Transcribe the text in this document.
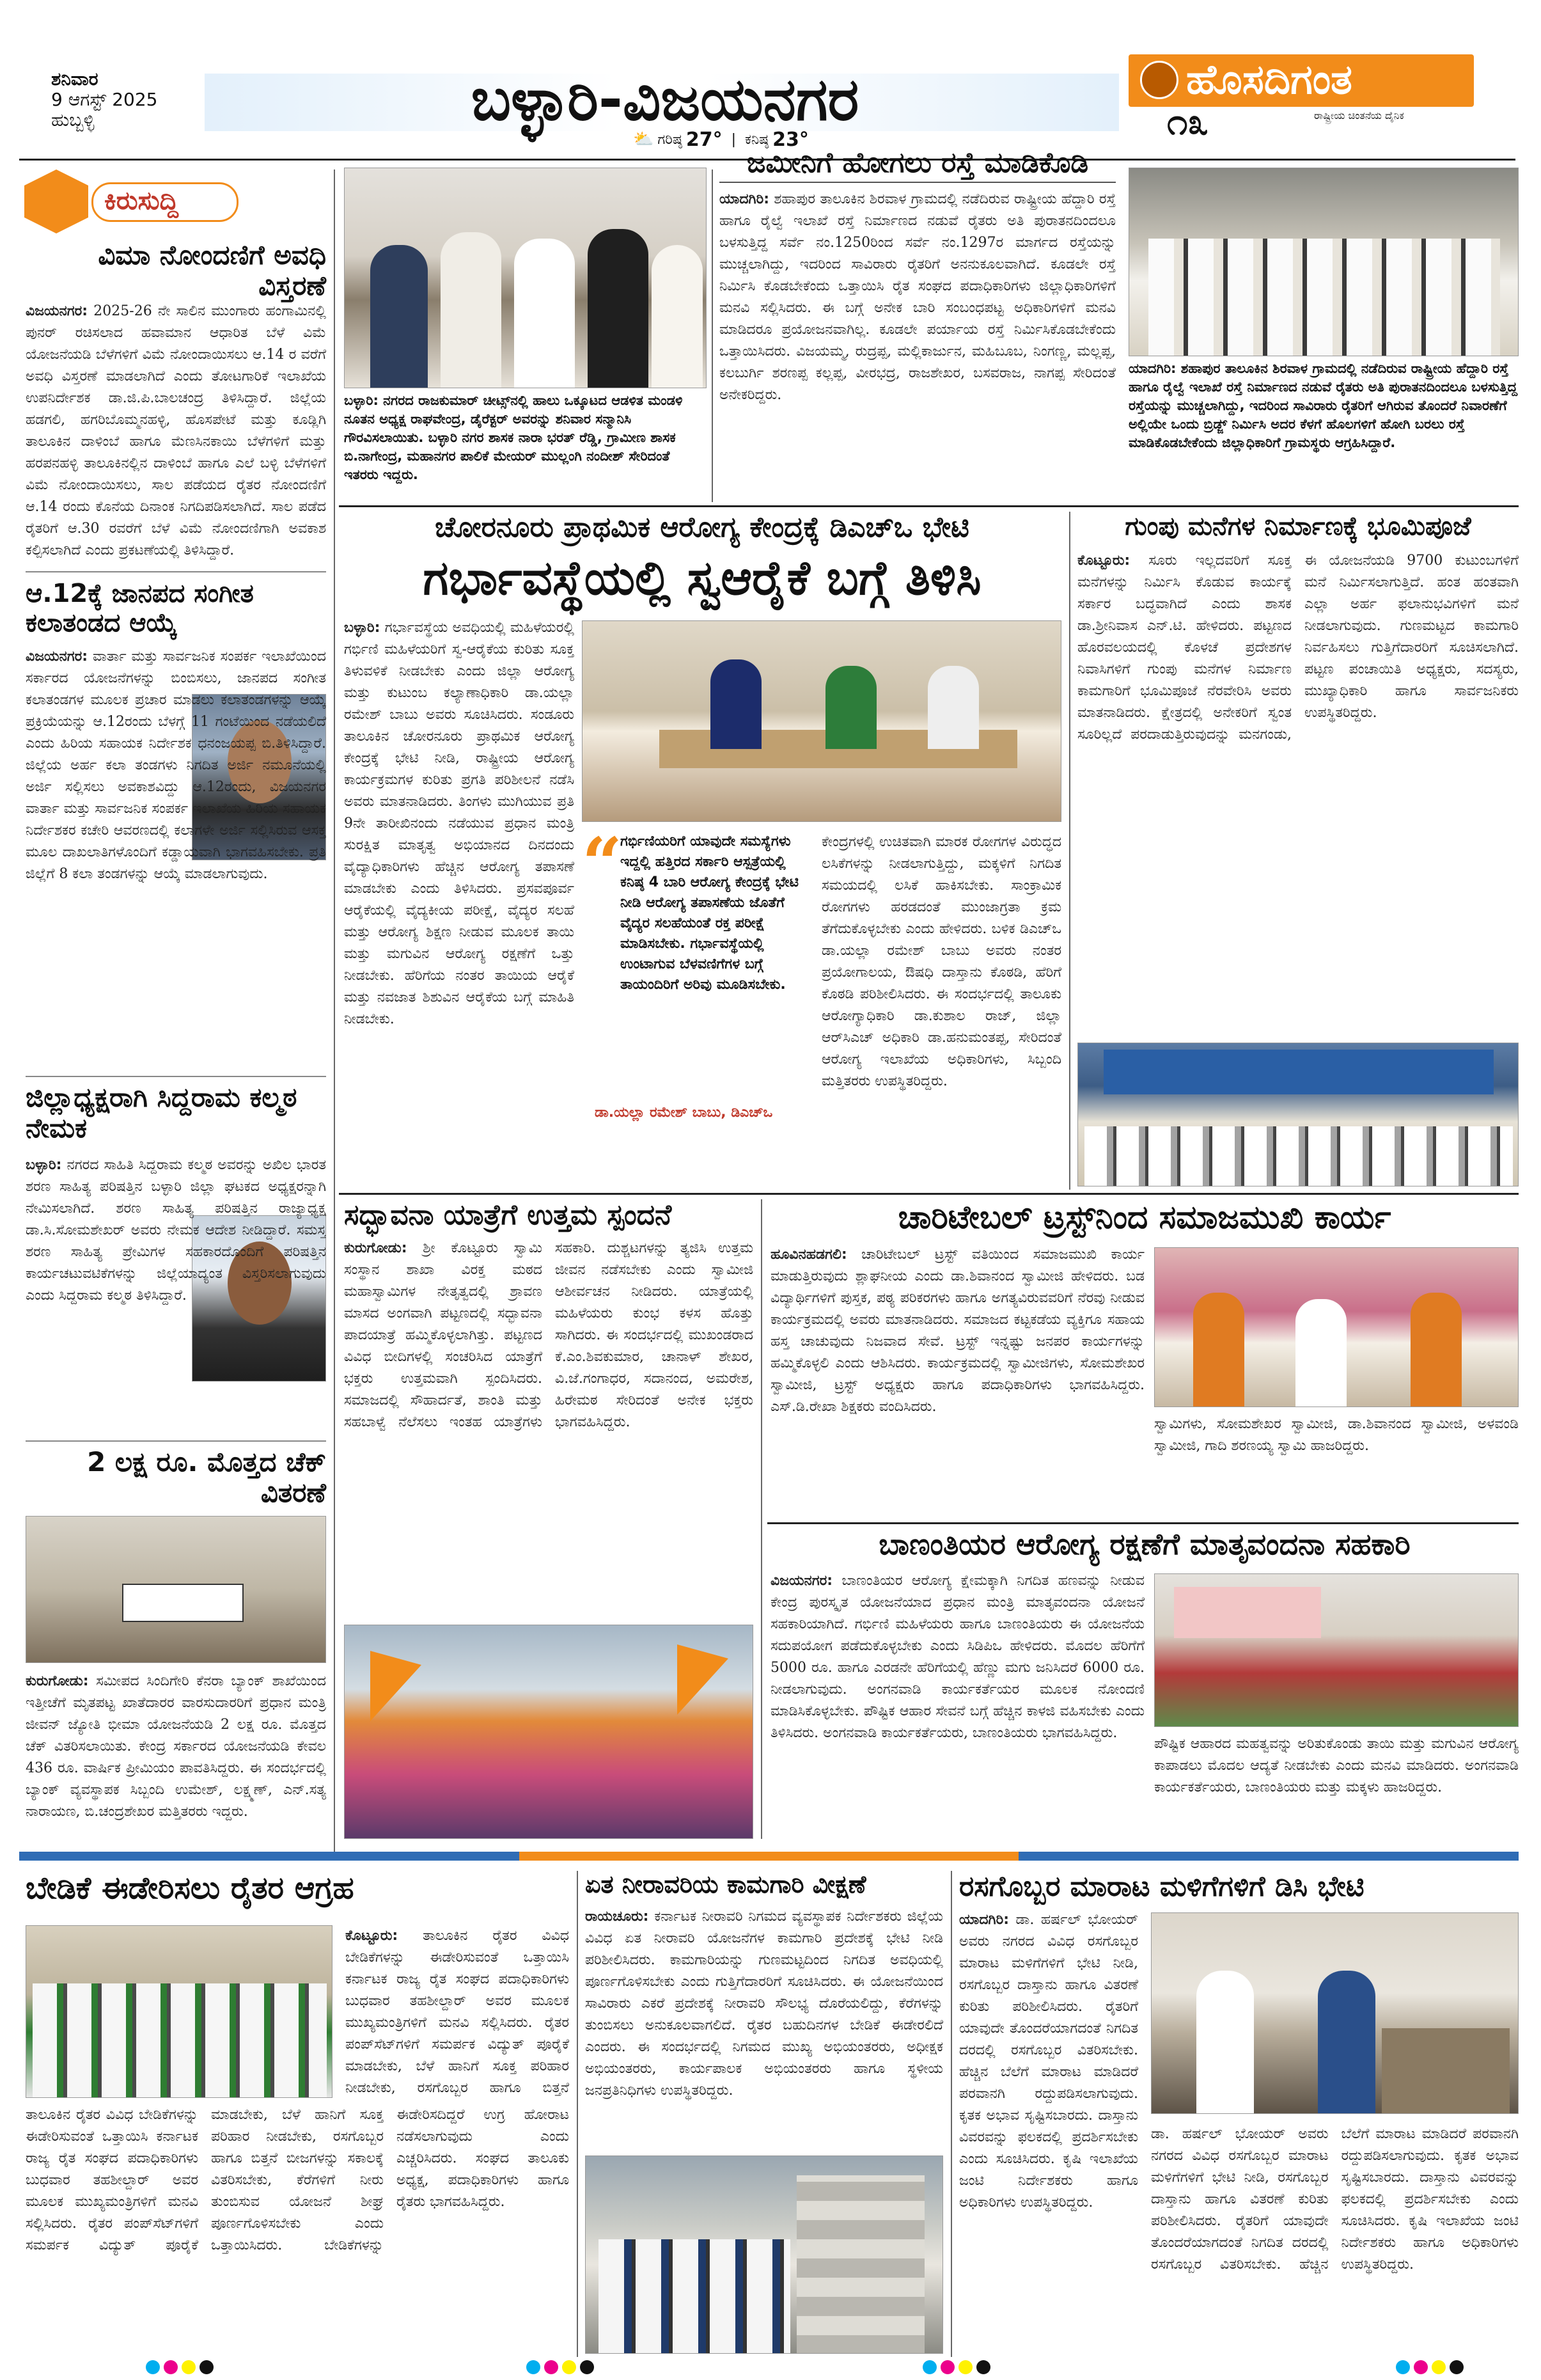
ಶನಿವಾರ
9 ಆಗಸ್ಟ್ 2025
ಹುಬ್ಬಳ್ಳಿ	ಬಳ್ಳಾರಿ-ವಿಜಯನಗರ
⛅ ಗರಿಷ್ಠ 27° | ಕನಿಷ್ಠ 23°
ಹೊಸದಿಗಂತ
ರಾಷ್ಟ್ರೀಯ ಚಿಂತನೆಯ ದೈನಿಕ
೧೩
ಕಿರುಸುದ್ದಿ
ವಿಮಾ ನೋಂದಣಿಗೆ ಅವಧಿ ವಿಸ್ತರಣೆ
ವಿಜಯನಗರ: 2025-26 ನೇ ಸಾಲಿನ ಮುಂಗಾರು ಹಂಗಾಮಿನಲ್ಲಿ ಪುನರ್ ರಚಿಸಲಾದ ಹವಾಮಾನ ಆಧಾರಿತ ಬೆಳೆ ವಿಮೆ ಯೋಜನೆಯಡಿ ಬೆಳೆಗಳಿಗೆ ವಿಮೆ ನೋಂದಾಯಿಸಲು ಆ.14 ರ ವರೆಗೆ ಅವಧಿ ವಿಸ್ತರಣೆ ಮಾಡಲಾಗಿದೆ ಎಂದು ತೋಟಗಾರಿಕೆ ಇಲಾಖೆಯ ಉಪನಿರ್ದೇಶಕ ಡಾ.ಜಿ.ಪಿ.ಬಾಲಚಂದ್ರ ತಿಳಿಸಿದ್ದಾರೆ. ಜಿಲ್ಲೆಯ ಹಡಗಲಿ, ಹಗರಿಬೊಮ್ಮನಹಳ್ಳಿ, ಹೊಸಪೇಟೆ ಮತ್ತು ಕೂಡ್ಲಿಗಿ ತಾಲೂಕಿನ ದಾಳಿಂಬೆ ಹಾಗೂ ಮೆಣಸಿನಕಾಯಿ ಬೆಳೆಗಳಿಗೆ ಮತ್ತು ಹರಪನಹಳ್ಳಿ ತಾಲೂಕಿನಲ್ಲಿನ ದಾಳಿಂಬೆ ಹಾಗೂ ಎಲೆ ಬಳ್ಳಿ ಬೆಳೆಗಳಿಗೆ ವಿಮೆ ನೋಂದಾಯಿಸಲು, ಸಾಲ ಪಡೆಯದ ರೈತರ ನೋಂದಣಿಗೆ ಆ.14 ರಂದು ಕೊನೆಯ ದಿನಾಂಕ ನಿಗದಿಪಡಿಸಲಾಗಿದೆ. ಸಾಲ ಪಡೆದ ರೈತರಿಗೆ ಆ.30 ರವರೆಗೆ ಬೆಳೆ ವಿಮೆ ನೋಂದಣಿಗಾಗಿ ಅವಕಾಶ ಕಲ್ಪಿಸಲಾಗಿದೆ ಎಂದು ಪ್ರಕಟಣೆಯಲ್ಲಿ ತಿಳಿಸಿದ್ದಾರೆ.
ಆ.12ಕ್ಕೆ ಜಾನಪದ ಸಂಗೀತ ಕಲಾತಂಡದ ಆಯ್ಕೆ
ವಿಜಯನಗರ: ವಾರ್ತಾ ಮತ್ತು ಸಾರ್ವಜನಿಕ ಸಂಪರ್ಕ ಇಲಾಖೆಯಿಂದ ಸರ್ಕಾರದ ಯೋಜನೆಗಳನ್ನು ಬಿಂಬಿಸಲು, ಜಾನಪದ ಸಂಗೀತ ಕಲಾತಂಡಗಳ ಮೂಲಕ ಪ್ರಚಾರ ಮಾಡಲು ಕಲಾತಂಡಗಳನ್ನು ಆಯ್ಕೆ ಪ್ರಕ್ರಿಯೆಯನ್ನು ಆ.12ರಂದು ಬೆಳಗ್ಗೆ 11 ಗಂಟೆಯಿಂದ ನಡೆಯಲಿದೆ ಎಂದು ಹಿರಿಯ ಸಹಾಯಕ ನಿರ್ದೇಶಕ ಧನಂಜಯಪ್ಪ ಬಿ.ತಿಳಿಸಿದ್ದಾರೆ. ಜಿಲ್ಲೆಯ ಅರ್ಹ ಕಲಾ ತಂಡಗಳು ನಿಗದಿತ ಅರ್ಜಿ ನಮೂನೆಯಲ್ಲಿ ಅರ್ಜಿ ಸಲ್ಲಿಸಲು ಅವಕಾಶವಿದ್ದು ಆ.12ರಂದು, ವಿಜಯನಗರ ವಾರ್ತಾ ಮತ್ತು ಸಾರ್ವಜನಿಕ ಸಂಪರ್ಕ ಇಲಾಖೆಯ ಹಿರಿಯ ಸಹಾಯಕ ನಿರ್ದೇಶಕರ ಕಚೇರಿ ಆವರಣದಲ್ಲಿ ಕಲಾಗಳೇ ಅರ್ಜಿ ಸಲ್ಲಿಸಿರುವ ಆಸಕ್ತ ಮೂಲ ದಾಖಲಾತಿಗಳೊಂದಿಗೆ ಕಡ್ಡಾಯವಾಗಿ ಭಾಗವಹಿಸಬೇಕು. ಪ್ರತಿ ಜಿಲ್ಲೆಗೆ 8 ಕಲಾ ತಂಡಗಳನ್ನು ಆಯ್ಕೆ ಮಾಡಲಾಗುವುದು.
ಜಿಲ್ಲಾಧ್ಯಕ್ಷರಾಗಿ ಸಿದ್ದರಾಮ ಕಲ್ಮಠ ನೇಮಕ
ಬಳ್ಳಾರಿ: ನಗರದ ಸಾಹಿತಿ ಸಿದ್ದರಾಮ ಕಲ್ಮಠ ಅವರನ್ನು ಅಖಿಲ ಭಾರತ ಶರಣ ಸಾಹಿತ್ಯ ಪರಿಷತ್ತಿನ ಬಳ್ಳಾರಿ ಜಿಲ್ಲಾ ಘಟಕದ ಅಧ್ಯಕ್ಷರನ್ನಾಗಿ ನೇಮಿಸಲಾಗಿದೆ. ಶರಣ ಸಾಹಿತ್ಯ ಪರಿಷತ್ತಿನ ರಾಜ್ಯಾಧ್ಯಕ್ಷ ಡಾ.ಸಿ.ಸೋಮಶೇಖರ್ ಅವರು ನೇಮಕ ಆದೇಶ ನೀಡಿದ್ದಾರೆ. ಸಮಸ್ತ ಶರಣ ಸಾಹಿತ್ಯ ಪ್ರೇಮಿಗಳ ಸಹಕಾರದೊಂದಿಗೆ ಪರಿಷತ್ತಿನ ಕಾರ್ಯಚಟುವಟಿಕೆಗಳನ್ನು ಜಿಲ್ಲೆಯಾದ್ಯಂತ ವಿಸ್ತರಿಸಲಾಗುವುದು ಎಂದು ಸಿದ್ದರಾಮ ಕಲ್ಮಠ ತಿಳಿಸಿದ್ದಾರೆ.
2 ಲಕ್ಷ ರೂ. ಮೊತ್ತದ ಚೆಕ್ ವಿತರಣೆ
ಕುರುಗೋಡು: ಸಮೀಪದ ಸಿಂದಿಗೇರಿ ಕೆನರಾ ಬ್ಯಾಂಕ್ ಶಾಖೆಯಿಂದ ಇತ್ತೀಚೆಗೆ ಮೃತಪಟ್ಟ ಖಾತೆದಾರರ ವಾರಸುದಾರರಿಗೆ ಪ್ರಧಾನ ಮಂತ್ರಿ ಜೀವನ್ ಜ್ಯೋತಿ ಭೀಮಾ ಯೋಜನೆಯಡಿ 2 ಲಕ್ಷ ರೂ. ಮೊತ್ತದ ಚೆಕ್ ವಿತರಿಸಲಾಯಿತು. ಕೇಂದ್ರ ಸರ್ಕಾರದ ಯೋಜನೆಯಡಿ ಕೇವಲ 436 ರೂ. ವಾರ್ಷಿಕ ಪ್ರೀಮಿಯಂ ಪಾವತಿಸಿದ್ದರು. ಈ ಸಂದರ್ಭದಲ್ಲಿ ಬ್ಯಾಂಕ್ ವ್ಯವಸ್ಥಾಪಕ ಸಿಬ್ಬಂದಿ ಉಮೇಶ್, ಲಕ್ಷ್ಮಣ್, ಎನ್.ಸತ್ಯ ನಾರಾಯಣ, ಬಿ.ಚಂದ್ರಶೇಖರ ಮತ್ತಿತರರು ಇದ್ದರು.
ಬಳ್ಳಾರಿ: ನಗರದ ರಾಜಕುಮಾರ್ ಚೀಟ್ಸ್‌ನಲ್ಲಿ ಹಾಲು ಒಕ್ಕೂಟದ ಆಡಳಿತ ಮಂಡಳಿ ನೂತನ ಅಧ್ಯಕ್ಷ ರಾಘವೇಂದ್ರ, ಡೈರೆಕ್ಟರ್ ಅವರನ್ನು ಶನಿವಾರ ಸನ್ಮಾನಿಸಿ ಗೌರವಿಸಲಾಯಿತು. ಬಳ್ಳಾರಿ ನಗರ ಶಾಸಕ ನಾರಾ ಭರತ್ ರೆಡ್ಡಿ, ಗ್ರಾಮೀಣ ಶಾಸಕ ಬಿ.ನಾಗೇಂದ್ರ, ಮಹಾನಗರ ಪಾಲಿಕೆ ಮೇಯರ್ ಮುಲ್ಲಂಗಿ ನಂದೀಶ್ ಸೇರಿದಂತೆ ಇತರರು ಇದ್ದರು.
ಜಮೀನಿಗೆ ಹೋಗಲು ರಸ್ತೆ ಮಾಡಿಕೊಡಿ
ಯಾದಗಿರಿ: ಶಹಾಪುರ ತಾಲೂಕಿನ ಶಿರವಾಳ ಗ್ರಾಮದಲ್ಲಿ ನಡೆದಿರುವ ರಾಷ್ಟ್ರೀಯ ಹೆದ್ದಾರಿ ರಸ್ತೆ ಹಾಗೂ ರೈಲ್ವೆ ಇಲಾಖೆ ರಸ್ತೆ ನಿರ್ಮಾಣದ ನಡುವೆ ರೈತರು ಅತಿ ಪುರಾತನದಿಂದಲೂ ಬಳಸುತ್ತಿದ್ದ ಸರ್ವೆ ನಂ.1250ರಿಂದ ಸರ್ವೆ ನಂ.1297ರ ಮಾರ್ಗದ ರಸ್ತೆಯನ್ನು ಮುಚ್ಚಲಾಗಿದ್ದು, ಇದರಿಂದ ಸಾವಿರಾರು ರೈತರಿಗೆ ಅನನುಕೂಲವಾಗಿದೆ. ಕೂಡಲೇ ರಸ್ತೆ ನಿರ್ಮಿಸಿ ಕೊಡಬೇಕೆಂದು ಒತ್ತಾಯಿಸಿ ರೈತ ಸಂಘದ ಪದಾಧಿಕಾರಿಗಳು ಜಿಲ್ಲಾಧಿಕಾರಿಗಳಿಗೆ ಮನವಿ ಸಲ್ಲಿಸಿದರು. ಈ ಬಗ್ಗೆ ಅನೇಕ ಬಾರಿ ಸಂಬಂಧಪಟ್ಟ ಅಧಿಕಾರಿಗಳಿಗೆ ಮನವಿ ಮಾಡಿದರೂ ಪ್ರಯೋಜನವಾಗಿಲ್ಲ. ಕೂಡಲೇ ಪರ್ಯಾಯ ರಸ್ತೆ ನಿರ್ಮಿಸಿಕೊಡಬೇಕೆಂದು ಒತ್ತಾಯಿಸಿದರು. ವಿಜಯಮ್ಮ, ರುದ್ರಪ್ಪ, ಮಲ್ಲಿಕಾರ್ಜುನ, ಮಹಿಬೂಬ, ನಿಂಗಣ್ಣ, ಮಲ್ಲಪ್ಪ, ಕಲಬುರ್ಗಿ ಶರಣಪ್ಪ ಕಲ್ಲಪ್ಪ, ವೀರಭದ್ರ, ರಾಜಶೇಖರ, ಬಸವರಾಜ, ನಾಗಪ್ಪ ಸೇರಿದಂತೆ ಅನೇಕರಿದ್ದರು.
ಯಾದಗಿರಿ: ಶಹಾಪುರ ತಾಲೂಕಿನ ಶಿರವಾಳ ಗ್ರಾಮದಲ್ಲಿ ನಡೆದಿರುವ ರಾಷ್ಟ್ರೀಯ ಹೆದ್ದಾರಿ ರಸ್ತೆ ಹಾಗೂ ರೈಲ್ವೆ ಇಲಾಖೆ ರಸ್ತೆ ನಿರ್ಮಾಣದ ನಡುವೆ ರೈತರು ಅತಿ ಪುರಾತನದಿಂದಲೂ ಬಳಸುತ್ತಿದ್ದ ರಸ್ತೆಯನ್ನು ಮುಚ್ಚಲಾಗಿದ್ದು, ಇದರಿಂದ ಸಾವಿರಾರು ರೈತರಿಗೆ ಆಗಿರುವ ತೊಂದರೆ ನಿವಾರಣೆಗೆ ಅಲ್ಲಿಯೇ ಒಂದು ಬ್ರಿಡ್ಜ್ ನಿರ್ಮಿಸಿ ಅದರ ಕೆಳಗೆ ಹೊಲಗಳಿಗೆ ಹೋಗಿ ಬರಲು ರಸ್ತೆ ಮಾಡಿಕೊಡಬೇಕೆಂದು ಜಿಲ್ಲಾಧಿಕಾರಿಗೆ ಗ್ರಾಮಸ್ಥರು ಆಗ್ರಹಿಸಿದ್ದಾರೆ.
ಚೋರನೂರು ಪ್ರಾಥಮಿಕ ಆರೋಗ್ಯ ಕೇಂದ್ರಕ್ಕೆ ಡಿಎಚ್ಒ ಭೇಟಿ
ಗರ್ಭಾವಸ್ಥೆಯಲ್ಲಿ ಸ್ವಆರೈಕೆ ಬಗ್ಗೆ ತಿಳಿಸಿ
ಬಳ್ಳಾರಿ: ಗರ್ಭಾವಸ್ಥೆಯ ಅವಧಿಯಲ್ಲಿ ಮಹಿಳೆಯರಲ್ಲಿ ಗರ್ಭಿಣಿ ಮಹಿಳೆಯರಿಗೆ ಸ್ವ-ಆರೈಕೆಯ ಕುರಿತು ಸೂಕ್ತ ತಿಳುವಳಿಕೆ ನೀಡಬೇಕು ಎಂದು ಜಿಲ್ಲಾ ಆರೋಗ್ಯ ಮತ್ತು ಕುಟುಂಬ ಕಲ್ಯಾಣಾಧಿಕಾರಿ ಡಾ.ಯಲ್ಲಾ ರಮೇಶ್ ಬಾಬು ಅವರು ಸೂಚಿಸಿದರು. ಸಂಡೂರು ತಾಲೂಕಿನ ಚೋರನೂರು ಪ್ರಾಥಮಿಕ ಆರೋಗ್ಯ ಕೇಂದ್ರಕ್ಕೆ ಭೇಟಿ ನೀಡಿ, ರಾಷ್ಟ್ರೀಯ ಆರೋಗ್ಯ ಕಾರ್ಯಕ್ರಮಗಳ ಕುರಿತು ಪ್ರಗತಿ ಪರಿಶೀಲನೆ ನಡೆಸಿ ಅವರು ಮಾತನಾಡಿದರು. ತಿಂಗಳು ಮುಗಿಯುವ ಪ್ರತಿ 9ನೇ ತಾರೀಖಿನಂದು ನಡೆಯುವ ಪ್ರಧಾನ ಮಂತ್ರಿ ಸುರಕ್ಷಿತ ಮಾತೃತ್ವ ಅಭಿಯಾನದ ದಿನದಂದು ವೈದ್ಯಾಧಿಕಾರಿಗಳು ಹೆಚ್ಚಿನ ಆರೋಗ್ಯ ತಪಾಸಣೆ ಮಾಡಬೇಕು ಎಂದು ತಿಳಿಸಿದರು. ಪ್ರಸವಪೂರ್ವ ಆರೈಕೆಯಲ್ಲಿ ವೈದ್ಯಕೀಯ ಪರೀಕ್ಷೆ, ವೈದ್ಯರ ಸಲಹೆ ಮತ್ತು ಆರೋಗ್ಯ ಶಿಕ್ಷಣ ನೀಡುವ ಮೂಲಕ ತಾಯಿ ಮತ್ತು ಮಗುವಿನ ಆರೋಗ್ಯ ರಕ್ಷಣೆಗೆ ಒತ್ತು ನೀಡಬೇಕು. ಹೆರಿಗೆಯ ನಂತರ ತಾಯಿಯ ಆರೈಕೆ ಮತ್ತು ನವಜಾತ ಶಿಶುವಿನ ಆರೈಕೆಯ ಬಗ್ಗೆ ಮಾಹಿತಿ ನೀಡಬೇಕು.
“
ಗರ್ಭಿಣಿಯರಿಗೆ ಯಾವುದೇ ಸಮಸ್ಯೆಗಳು ಇದ್ದಲ್ಲಿ ಹತ್ತಿರದ ಸರ್ಕಾರಿ ಆಸ್ಪತ್ರೆಯಲ್ಲಿ ಕನಿಷ್ಠ 4 ಬಾರಿ ಆರೋಗ್ಯ ಕೇಂದ್ರಕ್ಕೆ ಭೇಟಿ ನೀಡಿ ಆರೋಗ್ಯ ತಪಾಸಣೆಯ ಜೊತೆಗೆ ವೈದ್ಯರ ಸಲಹೆಯಂತೆ ರಕ್ತ ಪರೀಕ್ಷೆ ಮಾಡಿಸಬೇಕು. ಗರ್ಭಾವಸ್ಥೆಯಲ್ಲಿ ಉಂಟಾಗುವ ಬೆಳವಣಿಗೆಗಳ ಬಗ್ಗೆ ತಾಯಂದಿರಿಗೆ ಅರಿವು ಮೂಡಿಸಬೇಕು.
ಡಾ.ಯಲ್ಲಾ ರಮೇಶ್ ಬಾಬು, ಡಿಎಚ್ಒ
ಕೇಂದ್ರಗಳಲ್ಲಿ ಉಚಿತವಾಗಿ ಮಾರಕ ರೋಗಗಳ ವಿರುದ್ಧದ ಲಸಿಕೆಗಳನ್ನು ನೀಡಲಾಗುತ್ತಿದ್ದು, ಮಕ್ಕಳಿಗೆ ನಿಗದಿತ ಸಮಯದಲ್ಲಿ ಲಸಿಕೆ ಹಾಕಿಸಬೇಕು. ಸಾಂಕ್ರಾಮಿಕ ರೋಗಗಳು ಹರಡದಂತೆ ಮುಂಜಾಗ್ರತಾ ಕ್ರಮ ತೆಗೆದುಕೊಳ್ಳಬೇಕು ಎಂದು ಹೇಳಿದರು. ಬಳಿಕ ಡಿಎಚ್ಒ ಡಾ.ಯಲ್ಲಾ ರಮೇಶ್ ಬಾಬು ಅವರು ನಂತರ ಪ್ರಯೋಗಾಲಯ, ಔಷಧಿ ದಾಸ್ತಾನು ಕೊಠಡಿ, ಹೆರಿಗೆ ಕೊಠಡಿ ಪರಿಶೀಲಿಸಿದರು. ಈ ಸಂದರ್ಭದಲ್ಲಿ ತಾಲೂಕು ಆರೋಗ್ಯಾಧಿಕಾರಿ ಡಾ.ಕುಶಾಲ ರಾಜ್, ಜಿಲ್ಲಾ ಆರ್‌ಸಿಎಚ್ ಅಧಿಕಾರಿ ಡಾ.ಹನುಮಂತಪ್ಪ, ಸೇರಿದಂತೆ ಆರೋಗ್ಯ ಇಲಾಖೆಯ ಅಧಿಕಾರಿಗಳು, ಸಿಬ್ಬಂದಿ ಮತ್ತಿತರರು ಉಪಸ್ಥಿತರಿದ್ದರು.
ಗುಂಪು ಮನೆಗಳ ನಿರ್ಮಾಣಕ್ಕೆ ಭೂಮಿಪೂಜೆ
ಕೊಟ್ಟೂರು: ಸೂರು ಇಲ್ಲದವರಿಗೆ ಸೂಕ್ತ ಮನೆಗಳನ್ನು ನಿರ್ಮಿಸಿ ಕೊಡುವ ಕಾರ್ಯಕ್ಕೆ ಸರ್ಕಾರ ಬದ್ಧವಾಗಿದೆ ಎಂದು ಶಾಸಕ ಡಾ.ಶ್ರೀನಿವಾಸ ಎನ್.ಟಿ. ಹೇಳಿದರು. ಪಟ್ಟಣದ ಹೊರವಲಯದಲ್ಲಿ ಕೊಳಚೆ ಪ್ರದೇಶಗಳ ನಿವಾಸಿಗಳಿಗೆ ಗುಂಪು ಮನೆಗಳ ನಿರ್ಮಾಣ ಕಾಮಗಾರಿಗೆ ಭೂಮಿಪೂಜೆ ನೆರವೇರಿಸಿ ಅವರು ಮಾತನಾಡಿದರು. ಕ್ಷೇತ್ರದಲ್ಲಿ ಅನೇಕರಿಗೆ ಸ್ವಂತ ಸೂರಿಲ್ಲದೆ ಪರದಾಡುತ್ತಿರುವುದನ್ನು ಮನಗಂಡು, ಈ ಯೋಜನೆಯಡಿ 9700 ಕುಟುಂಬಗಳಿಗೆ ಮನೆ ನಿರ್ಮಿಸಲಾಗುತ್ತಿದೆ. ಹಂತ ಹಂತವಾಗಿ ಎಲ್ಲಾ ಅರ್ಹ ಫಲಾನುಭವಿಗಳಿಗೆ ಮನೆ ನೀಡಲಾಗುವುದು. ಗುಣಮಟ್ಟದ ಕಾಮಗಾರಿ ನಿರ್ವಹಿಸಲು ಗುತ್ತಿಗೆದಾರರಿಗೆ ಸೂಚಿಸಲಾಗಿದೆ. ಪಟ್ಟಣ ಪಂಚಾಯಿತಿ ಅಧ್ಯಕ್ಷರು, ಸದಸ್ಯರು, ಮುಖ್ಯಾಧಿಕಾರಿ ಹಾಗೂ ಸಾರ್ವಜನಿಕರು ಉಪಸ್ಥಿತರಿದ್ದರು.
ಸದ್ಭಾವನಾ ಯಾತ್ರೆಗೆ ಉತ್ತಮ ಸ್ಪಂದನೆ
ಕುರುಗೋಡು: ಶ್ರೀ ಕೊಟ್ಟೂರು ಸ್ವಾಮಿ ಸಂಸ್ಥಾನ ಶಾಖಾ ವಿರಕ್ತ ಮಠದ ಮಹಾಸ್ವಾಮಿಗಳ ನೇತೃತ್ವದಲ್ಲಿ ಶ್ರಾವಣ ಮಾಸದ ಅಂಗವಾಗಿ ಪಟ್ಟಣದಲ್ಲಿ ಸದ್ಭಾವನಾ ಪಾದಯಾತ್ರೆ ಹಮ್ಮಿಕೊಳ್ಳಲಾಗಿತ್ತು. ಪಟ್ಟಣದ ವಿವಿಧ ಬೀದಿಗಳಲ್ಲಿ ಸಂಚರಿಸಿದ ಯಾತ್ರೆಗೆ ಭಕ್ತರು ಉತ್ತಮವಾಗಿ ಸ್ಪಂದಿಸಿದರು. ಸಮಾಜದಲ್ಲಿ ಸೌಹಾರ್ದತೆ, ಶಾಂತಿ ಮತ್ತು ಸಹಬಾಳ್ವೆ ನೆಲೆಸಲು ಇಂತಹ ಯಾತ್ರೆಗಳು ಸಹಕಾರಿ. ದುಶ್ಚಟಗಳನ್ನು ತ್ಯಜಿಸಿ ಉತ್ತಮ ಜೀವನ ನಡೆಸಬೇಕು ಎಂದು ಸ್ವಾಮೀಜಿ ಆಶೀರ್ವಚನ ನೀಡಿದರು. ಯಾತ್ರೆಯಲ್ಲಿ ಮಹಿಳೆಯರು ಕುಂಭ ಕಳಸ ಹೊತ್ತು ಸಾಗಿದರು. ಈ ಸಂದರ್ಭದಲ್ಲಿ ಮುಖಂಡರಾದ ಕೆ.ಎಂ.ಶಿವಕುಮಾರ, ಚಾನಾಳ್ ಶೇಖರ, ವಿ.ಜೆ.ಗಂಗಾಧರ, ಸದಾನಂದ, ಅಮರೇಶ, ಹಿರೇಮಠ ಸೇರಿದಂತೆ ಅನೇಕ ಭಕ್ತರು ಭಾಗವಹಿಸಿದ್ದರು.
ಚಾರಿಟೇಬಲ್ ಟ್ರಸ್ಟ್‌ನಿಂದ ಸಮಾಜಮುಖಿ ಕಾರ್ಯ
ಹೂವಿನಹಡಗಲಿ: ಚಾರಿಟೇಬಲ್ ಟ್ರಸ್ಟ್ ವತಿಯಿಂದ ಸಮಾಜಮುಖಿ ಕಾರ್ಯ ಮಾಡುತ್ತಿರುವುದು ಶ್ಲಾಘನೀಯ ಎಂದು ಡಾ.ಶಿವಾನಂದ ಸ್ವಾಮೀಜಿ ಹೇಳಿದರು. ಬಡ ವಿದ್ಯಾರ್ಥಿಗಳಿಗೆ ಪುಸ್ತಕ, ಪಠ್ಯ ಪರಿಕರಗಳು ಹಾಗೂ ಅಗತ್ಯವಿರುವವರಿಗೆ ನೆರವು ನೀಡುವ ಕಾರ್ಯಕ್ರಮದಲ್ಲಿ ಅವರು ಮಾತನಾಡಿದರು. ಸಮಾಜದ ಕಟ್ಟಕಡೆಯ ವ್ಯಕ್ತಿಗೂ ಸಹಾಯ ಹಸ್ತ ಚಾಚುವುದು ನಿಜವಾದ ಸೇವೆ. ಟ್ರಸ್ಟ್ ಇನ್ನಷ್ಟು ಜನಪರ ಕಾರ್ಯಗಳನ್ನು ಹಮ್ಮಿಕೊಳ್ಳಲಿ ಎಂದು ಆಶಿಸಿದರು. ಕಾರ್ಯಕ್ರಮದಲ್ಲಿ ಸ್ವಾಮೀಜಿಗಳು, ಸೋಮಶೇಖರ ಸ್ವಾಮೀಜಿ, ಟ್ರಸ್ಟ್ ಅಧ್ಯಕ್ಷರು ಹಾಗೂ ಪದಾಧಿಕಾರಿಗಳು ಭಾಗವಹಿಸಿದ್ದರು. ಎಸ್.ಡಿ.ರೇಖಾ ಶಿಕ್ಷಕರು ವಂದಿಸಿದರು.
ಸ್ವಾಮಿಗಳು, ಸೋಮಶೇಖರ ಸ್ವಾಮೀಜಿ, ಡಾ.ಶಿವಾನಂದ ಸ್ವಾಮೀಜಿ, ಅಳವಂಡಿ ಸ್ವಾಮೀಜಿ, ಗಾದಿ ಶರಣಯ್ಯ ಸ್ವಾಮಿ ಹಾಜರಿದ್ದರು.
ಬಾಣಂತಿಯರ ಆರೋಗ್ಯ ರಕ್ಷಣೆಗೆ ಮಾತೃವಂದನಾ ಸಹಕಾರಿ
ವಿಜಯನಗರ: ಬಾಣಂತಿಯರ ಆರೋಗ್ಯ ಕ್ಷೇಮಕ್ಕಾಗಿ ನಿಗದಿತ ಹಣವನ್ನು ನೀಡುವ ಕೇಂದ್ರ ಪುರಸ್ಕೃತ ಯೋಜನೆಯಾದ ಪ್ರಧಾನ ಮಂತ್ರಿ ಮಾತೃವಂದನಾ ಯೋಜನೆ ಸಹಕಾರಿಯಾಗಿದೆ. ಗರ್ಭಿಣಿ ಮಹಿಳೆಯರು ಹಾಗೂ ಬಾಣಂತಿಯರು ಈ ಯೋಜನೆಯ ಸದುಪಯೋಗ ಪಡೆದುಕೊಳ್ಳಬೇಕು ಎಂದು ಸಿಡಿಪಿಒ ಹೇಳಿದರು. ಮೊದಲ ಹೆರಿಗೆಗೆ 5000 ರೂ. ಹಾಗೂ ಎರಡನೇ ಹೆರಿಗೆಯಲ್ಲಿ ಹೆಣ್ಣು ಮಗು ಜನಿಸಿದರೆ 6000 ರೂ. ನೀಡಲಾಗುವುದು. ಅಂಗನವಾಡಿ ಕಾರ್ಯಕರ್ತೆಯರ ಮೂಲಕ ನೋಂದಣಿ ಮಾಡಿಸಿಕೊಳ್ಳಬೇಕು. ಪೌಷ್ಟಿಕ ಆಹಾರ ಸೇವನೆ ಬಗ್ಗೆ ಹೆಚ್ಚಿನ ಕಾಳಜಿ ವಹಿಸಬೇಕು ಎಂದು ತಿಳಿಸಿದರು. ಅಂಗನವಾಡಿ ಕಾರ್ಯಕರ್ತೆಯರು, ಬಾಣಂತಿಯರು ಭಾಗವಹಿಸಿದ್ದರು.
ಪೌಷ್ಟಿಕ ಆಹಾರದ ಮಹತ್ವವನ್ನು ಅರಿತುಕೊಂಡು ತಾಯಿ ಮತ್ತು ಮಗುವಿನ ಆರೋಗ್ಯ ಕಾಪಾಡಲು ಮೊದಲ ಆದ್ಯತೆ ನೀಡಬೇಕು ಎಂದು ಮನವಿ ಮಾಡಿದರು. ಅಂಗನವಾಡಿ ಕಾರ್ಯಕರ್ತೆಯರು, ಬಾಣಂತಿಯರು ಮತ್ತು ಮಕ್ಕಳು ಹಾಜರಿದ್ದರು.
ಬೇಡಿಕೆ ಈಡೇರಿಸಲು ರೈತರ ಆಗ್ರಹ
ಕೊಟ್ಟೂರು: ತಾಲೂಕಿನ ರೈತರ ವಿವಿಧ ಬೇಡಿಕೆಗಳನ್ನು ಈಡೇರಿಸುವಂತೆ ಒತ್ತಾಯಿಸಿ ಕರ್ನಾಟಕ ರಾಜ್ಯ ರೈತ ಸಂಘದ ಪದಾಧಿಕಾರಿಗಳು ಬುಧವಾರ ತಹಶೀಲ್ದಾರ್ ಅವರ ಮೂಲಕ ಮುಖ್ಯಮಂತ್ರಿಗಳಿಗೆ ಮನವಿ ಸಲ್ಲಿಸಿದರು. ರೈತರ ಪಂಪ್‌ಸೆಟ್‌ಗಳಿಗೆ ಸಮರ್ಪಕ ವಿದ್ಯುತ್ ಪೂರೈಕೆ ಮಾಡಬೇಕು, ಬೆಳೆ ಹಾನಿಗೆ ಸೂಕ್ತ ಪರಿಹಾರ ನೀಡಬೇಕು, ರಸಗೊಬ್ಬರ ಹಾಗೂ ಬಿತ್ತನೆ
ತಾಲೂಕಿನ ರೈತರ ವಿವಿಧ ಬೇಡಿಕೆಗಳನ್ನು ಈಡೇರಿಸುವಂತೆ ಒತ್ತಾಯಿಸಿ ಕರ್ನಾಟಕ ರಾಜ್ಯ ರೈತ ಸಂಘದ ಪದಾಧಿಕಾರಿಗಳು ಬುಧವಾರ ತಹಶೀಲ್ದಾರ್ ಅವರ ಮೂಲಕ ಮುಖ್ಯಮಂತ್ರಿಗಳಿಗೆ ಮನವಿ ಸಲ್ಲಿಸಿದರು. ರೈತರ ಪಂಪ್‌ಸೆಟ್‌ಗಳಿಗೆ ಸಮರ್ಪಕ ವಿದ್ಯುತ್ ಪೂರೈಕೆ ಮಾಡಬೇಕು, ಬೆಳೆ ಹಾನಿಗೆ ಸೂಕ್ತ ಪರಿಹಾರ ನೀಡಬೇಕು, ರಸಗೊಬ್ಬರ ಹಾಗೂ ಬಿತ್ತನೆ ಬೀಜಗಳನ್ನು ಸಕಾಲಕ್ಕೆ ವಿತರಿಸಬೇಕು, ಕೆರೆಗಳಿಗೆ ನೀರು ತುಂಬಿಸುವ ಯೋಜನೆ ಶೀಘ್ರ ಪೂರ್ಣಗೊಳಿಸಬೇಕು ಎಂದು ಒತ್ತಾಯಿಸಿದರು. ಬೇಡಿಕೆಗಳನ್ನು ಈಡೇರಿಸದಿದ್ದರೆ ಉಗ್ರ ಹೋರಾಟ ನಡೆಸಲಾಗುವುದು ಎಂದು ಎಚ್ಚರಿಸಿದರು. ಸಂಘದ ತಾಲೂಕು ಅಧ್ಯಕ್ಷ, ಪದಾಧಿಕಾರಿಗಳು ಹಾಗೂ ರೈತರು ಭಾಗವಹಿಸಿದ್ದರು.
ಏತ ನೀರಾವರಿಯ ಕಾಮಗಾರಿ ವೀಕ್ಷಣೆ
ರಾಯಚೂರು: ಕರ್ನಾಟಕ ನೀರಾವರಿ ನಿಗಮದ ವ್ಯವಸ್ಥಾಪಕ ನಿರ್ದೇಶಕರು ಜಿಲ್ಲೆಯ ವಿವಿಧ ಏತ ನೀರಾವರಿ ಯೋಜನೆಗಳ ಕಾಮಗಾರಿ ಪ್ರದೇಶಕ್ಕೆ ಭೇಟಿ ನೀಡಿ ಪರಿಶೀಲಿಸಿದರು. ಕಾಮಗಾರಿಯನ್ನು ಗುಣಮಟ್ಟದಿಂದ ನಿಗದಿತ ಅವಧಿಯಲ್ಲಿ ಪೂರ್ಣಗೊಳಿಸಬೇಕು ಎಂದು ಗುತ್ತಿಗೆದಾರರಿಗೆ ಸೂಚಿಸಿದರು. ಈ ಯೋಜನೆಯಿಂದ ಸಾವಿರಾರು ಎಕರೆ ಪ್ರದೇಶಕ್ಕೆ ನೀರಾವರಿ ಸೌಲಭ್ಯ ದೊರೆಯಲಿದ್ದು, ಕೆರೆಗಳನ್ನು ತುಂಬಿಸಲು ಅನುಕೂಲವಾಗಲಿದೆ. ರೈತರ ಬಹುದಿನಗಳ ಬೇಡಿಕೆ ಈಡೇರಲಿದೆ ಎಂದರು. ಈ ಸಂದರ್ಭದಲ್ಲಿ ನಿಗಮದ ಮುಖ್ಯ ಅಭಿಯಂತರರು, ಅಧೀಕ್ಷಕ ಅಭಿಯಂತರರು, ಕಾರ್ಯಪಾಲಕ ಅಭಿಯಂತರರು ಹಾಗೂ ಸ್ಥಳೀಯ ಜನಪ್ರತಿನಿಧಿಗಳು ಉಪಸ್ಥಿತರಿದ್ದರು.
ರಸಗೊಬ್ಬರ ಮಾರಾಟ ಮಳಿಗೆಗಳಿಗೆ ಡಿಸಿ ಭೇಟಿ
ಯಾದಗಿರಿ: ಡಾ. ಹರ್ಷಲ್ ಭೋಯರ್ ಅವರು ನಗರದ ವಿವಿಧ ರಸಗೊಬ್ಬರ ಮಾರಾಟ ಮಳಿಗೆಗಳಿಗೆ ಭೇಟಿ ನೀಡಿ, ರಸಗೊಬ್ಬರ ದಾಸ್ತಾನು ಹಾಗೂ ವಿತರಣೆ ಕುರಿತು ಪರಿಶೀಲಿಸಿದರು. ರೈತರಿಗೆ ಯಾವುದೇ ತೊಂದರೆಯಾಗದಂತೆ ನಿಗದಿತ ದರದಲ್ಲಿ ರಸಗೊಬ್ಬರ ವಿತರಿಸಬೇಕು. ಹೆಚ್ಚಿನ ಬೆಲೆಗೆ ಮಾರಾಟ ಮಾಡಿದರೆ ಪರವಾನಗಿ ರದ್ದುಪಡಿಸಲಾಗುವುದು. ಕೃತಕ ಅಭಾವ ಸೃಷ್ಟಿಸಬಾರದು. ದಾಸ್ತಾನು ವಿವರವನ್ನು ಫಲಕದಲ್ಲಿ ಪ್ರದರ್ಶಿಸಬೇಕು ಎಂದು ಸೂಚಿಸಿದರು. ಕೃಷಿ ಇಲಾಖೆಯ ಜಂಟಿ ನಿರ್ದೇಶಕರು ಹಾಗೂ ಅಧಿಕಾರಿಗಳು ಉಪಸ್ಥಿತರಿದ್ದರು.
ಡಾ. ಹರ್ಷಲ್ ಭೋಯರ್ ಅವರು ನಗರದ ವಿವಿಧ ರಸಗೊಬ್ಬರ ಮಾರಾಟ ಮಳಿಗೆಗಳಿಗೆ ಭೇಟಿ ನೀಡಿ, ರಸಗೊಬ್ಬರ ದಾಸ್ತಾನು ಹಾಗೂ ವಿತರಣೆ ಕುರಿತು ಪರಿಶೀಲಿಸಿದರು. ರೈತರಿಗೆ ಯಾವುದೇ ತೊಂದರೆಯಾಗದಂತೆ ನಿಗದಿತ ದರದಲ್ಲಿ ರಸಗೊಬ್ಬರ ವಿತರಿಸಬೇಕು. ಹೆಚ್ಚಿನ ಬೆಲೆಗೆ ಮಾರಾಟ ಮಾಡಿದರೆ ಪರವಾನಗಿ ರದ್ದುಪಡಿಸಲಾಗುವುದು. ಕೃತಕ ಅಭಾವ ಸೃಷ್ಟಿಸಬಾರದು. ದಾಸ್ತಾನು ವಿವರವನ್ನು ಫಲಕದಲ್ಲಿ ಪ್ರದರ್ಶಿಸಬೇಕು ಎಂದು ಸೂಚಿಸಿದರು. ಕೃಷಿ ಇಲಾಖೆಯ ಜಂಟಿ ನಿರ್ದೇಶಕರು ಹಾಗೂ ಅಧಿಕಾರಿಗಳು ಉಪಸ್ಥಿತರಿದ್ದರು.
